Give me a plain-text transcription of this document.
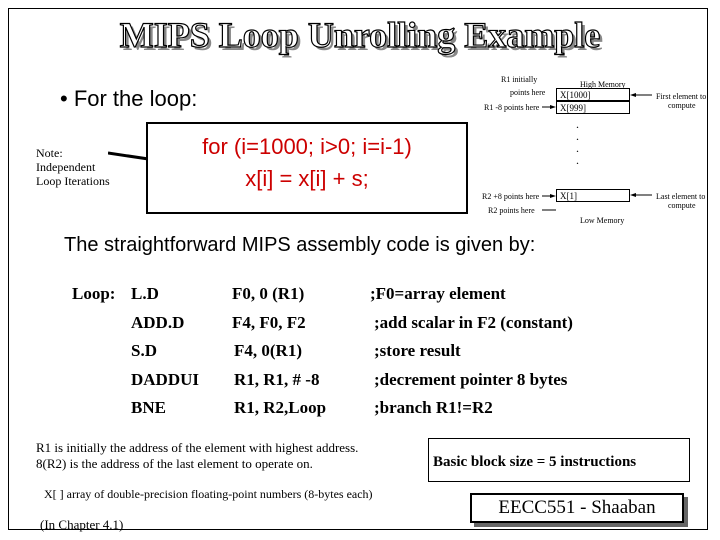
MIPS Loop Unrolling Example
• For the loop:
Note:
Independent
Loop Iterations
for (i=1000; i>0; i=i-1)
x[i] = x[i] + s;
R1 initially
High Memory
points here
R1 -8 points here
X[1000]
X[999]
First element to
compute
.
.
.
.
R2 +8 points here	X[1]	Last element to
compute
R2 points here
Low Memory
The straightforward MIPS assembly code is given by:
Loop: L.D	F0, 0 (R1)	;F0=array element
ADD.D	F4, F0, F2	;add scalar in F2 (constant)
S.D	F4, 0(R1)	;store result
DADDUI R1, R1, # -8	;decrement pointer 8 bytes
BNE	R1, R2,Loop	;branch R1!=R2
R1 is initially the address of the element with highest address.
8(R2) is the address of the last element to operate on.
X[ ] array of double-precision floating-point numbers (8-bytes each)
(In Chapter 4.1)
Basic block size = 5 instructions
EECC551 - Shaaban
